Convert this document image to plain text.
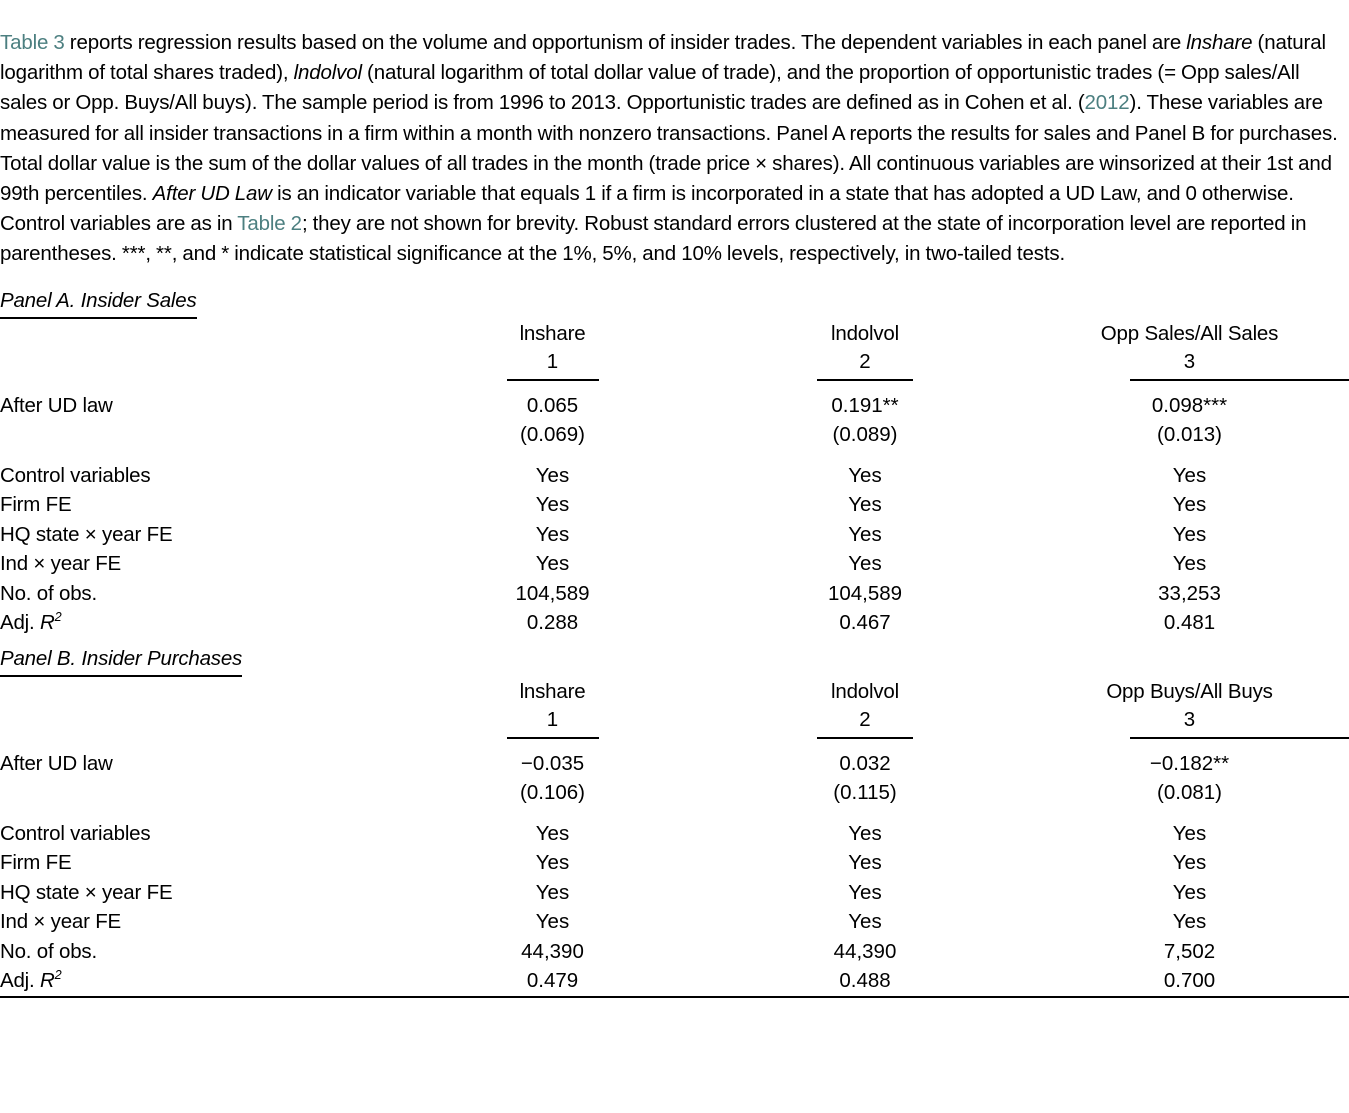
Table 3 reports regression results based on the volume and opportunism of insider trades. The dependent variables in each panel are lnshare (natural logarithm of total shares traded), lndolvol (natural logarithm of total dollar value of trade), and the proportion of opportunistic trades (= Opp sales/All sales or Opp. Buys/All buys). The sample period is from 1996 to 2013. Opportunistic trades are defined as in Cohen et al. (2012). These variables are measured for all insider transactions in a firm within a month with nonzero transactions. Panel A reports the results for sales and Panel B for purchases. Total dollar value is the sum of the dollar values of all trades in the month (trade price × shares). All continuous variables are winsorized at their 1st and 99th percentiles. After UD Law is an indicator variable that equals 1 if a firm is incorporated in a state that has adopted a UD Law, and 0 otherwise. Control variables are as in Table 2; they are not shown for brevity. Robust standard errors clustered at the state of incorporation level are reported in parentheses. ***, **, and * indicate statistical significance at the 1%, 5%, and 10% levels, respectively, in two-tailed tests.

Panel A. Insider Sales
	lnshare	lndolvol	Opp Sales/All Sales
	1	2	3

After UD law	0.065	0.191**	0.098***
	(0.069)	(0.089)	(0.013)
Control variables	Yes	Yes	Yes
Firm FE	Yes	Yes	Yes
HQ state × year FE	Yes	Yes	Yes
Ind × year FE	Yes	Yes	Yes
No. of obs.	104,589	104,589	33,253
Adj. $R^2$	0.288	0.467	0.481
Panel B. Insider Purchases
	lnshare	lndolvol	Opp Buys/All Buys
	1	2	3

After UD law	−0.035	0.032	−0.182**
	(0.106)	(0.115)	(0.081)
Control variables	Yes	Yes	Yes
Firm FE	Yes	Yes	Yes
HQ state × year FE	Yes	Yes	Yes
Ind × year FE	Yes	Yes	Yes
No. of obs.	44,390	44,390	7,502
Adj. $R^2$	0.479	0.488	0.700
